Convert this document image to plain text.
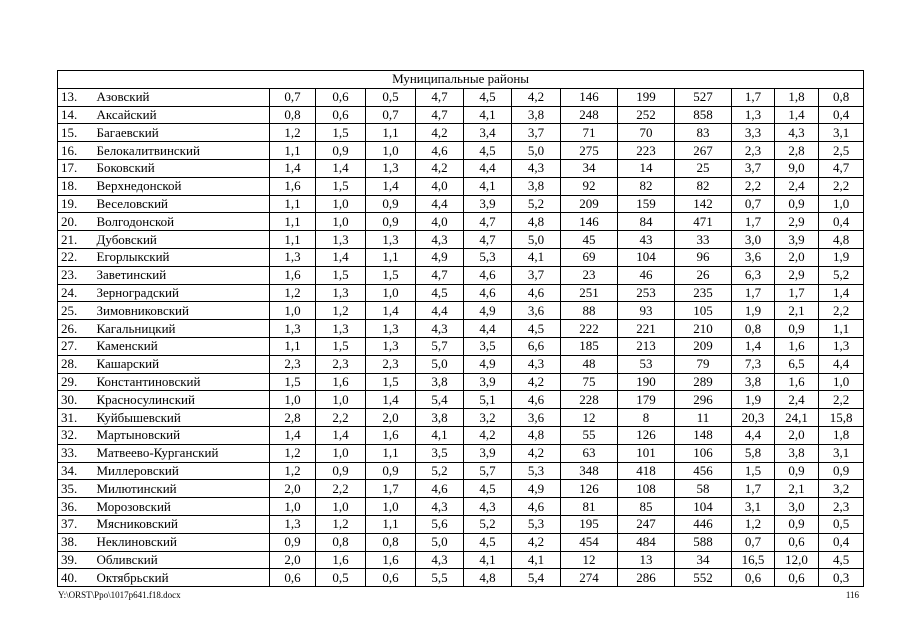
Муниципальные районы													
13.	Азовский	0,7	0,6	0,5	4,7	4,5	4,2	146	199	527	1,7	1,8	0,8
14.	Аксайский	0,8	0,6	0,7	4,7	4,1	3,8	248	252	858	1,3	1,4	0,4
15.	Багаевский	1,2	1,5	1,1	4,2	3,4	3,7	71	70	83	3,3	4,3	3,1
16.	Белокалитвинский	1,1	0,9	1,0	4,6	4,5	5,0	275	223	267	2,3	2,8	2,5
17.	Боковский	1,4	1,4	1,3	4,2	4,4	4,3	34	14	25	3,7	9,0	4,7
18.	Верхнедонской	1,6	1,5	1,4	4,0	4,1	3,8	92	82	82	2,2	2,4	2,2
19.	Веселовский	1,1	1,0	0,9	4,4	3,9	5,2	209	159	142	0,7	0,9	1,0
20.	Волгодонской	1,1	1,0	0,9	4,0	4,7	4,8	146	84	471	1,7	2,9	0,4
21.	Дубовский	1,1	1,3	1,3	4,3	4,7	5,0	45	43	33	3,0	3,9	4,8
22.	Егорлыкский	1,3	1,4	1,1	4,9	5,3	4,1	69	104	96	3,6	2,0	1,9
23.	Заветинский	1,6	1,5	1,5	4,7	4,6	3,7	23	46	26	6,3	2,9	5,2
24.	Зерноградский	1,2	1,3	1,0	4,5	4,6	4,6	251	253	235	1,7	1,7	1,4
25.	Зимовниковский	1,0	1,2	1,4	4,4	4,9	3,6	88	93	105	1,9	2,1	2,2
26.	Кагальницкий	1,3	1,3	1,3	4,3	4,4	4,5	222	221	210	0,8	0,9	1,1
27.	Каменский	1,1	1,5	1,3	5,7	3,5	6,6	185	213	209	1,4	1,6	1,3
28.	Кашарский	2,3	2,3	2,3	5,0	4,9	4,3	48	53	79	7,3	6,5	4,4
29.	Константиновский	1,5	1,6	1,5	3,8	3,9	4,2	75	190	289	3,8	1,6	1,0
30.	Красносулинский	1,0	1,0	1,4	5,4	5,1	4,6	228	179	296	1,9	2,4	2,2
31.	Куйбышевский	2,8	2,2	2,0	3,8	3,2	3,6	12	8	11	20,3	24,1	15,8
32.	Мартыновский	1,4	1,4	1,6	4,1	4,2	4,8	55	126	148	4,4	2,0	1,8
33.	Матвеево-Курганский	1,2	1,0	1,1	3,5	3,9	4,2	63	101	106	5,8	3,8	3,1
34.	Миллеровский	1,2	0,9	0,9	5,2	5,7	5,3	348	418	456	1,5	0,9	0,9
35.	Милютинский	2,0	2,2	1,7	4,6	4,5	4,9	126	108	58	1,7	2,1	3,2
36.	Морозовский	1,0	1,0	1,0	4,3	4,3	4,6	81	85	104	3,1	3,0	2,3
37.	Мясниковский	1,3	1,2	1,1	5,6	5,2	5,3	195	247	446	1,2	0,9	0,5
38.	Неклиновский	0,9	0,8	0,8	5,0	4,5	4,2	454	484	588	0,7	0,6	0,4
39.	Обливский	2,0	1,6	1,6	4,3	4,1	4,1	12	13	34	16,5	12,0	4,5
40.	Октябрьский	0,6	0,5	0,6	5,5	4,8	5,4	274	286	552	0,6	0,6	0,3
Y:\ORST\Ppo\1017p641.f18.docx	116
